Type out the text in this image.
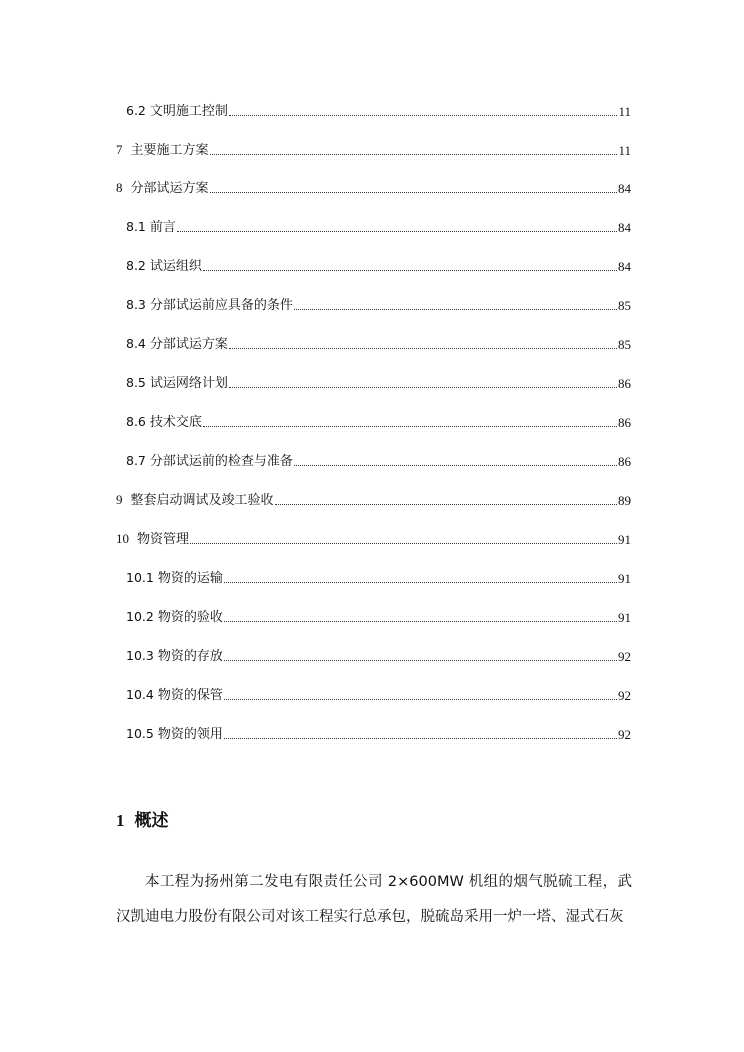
6.2 文明施工控制	11
7 主要施工方案	11
8 分部试运方案	84
8.1 前言	84
8.2 试运组织	84
8.3 分部试运前应具备的条件	85
8.4 分部试运方案	85
8.5 试运网络计划	86
8.6 技术交底	86
8.7 分部试运前的检查与准备	86
9 整套启动调试及竣工验收	89
10 物资管理	91
10.1 物资的运输	91
10.2 物资的验收	91
10.3 物资的存放	92
10.4 物资的保管	92
10.5 物资的领用	92
1 概述

本工程为扬州第二发电有限责任公司 2×600MW 机组的烟气脱硫工程，武汉凯迪电力股份有限公司对该工程实行总承包，脱硫岛采用一炉一塔、湿式石灰
